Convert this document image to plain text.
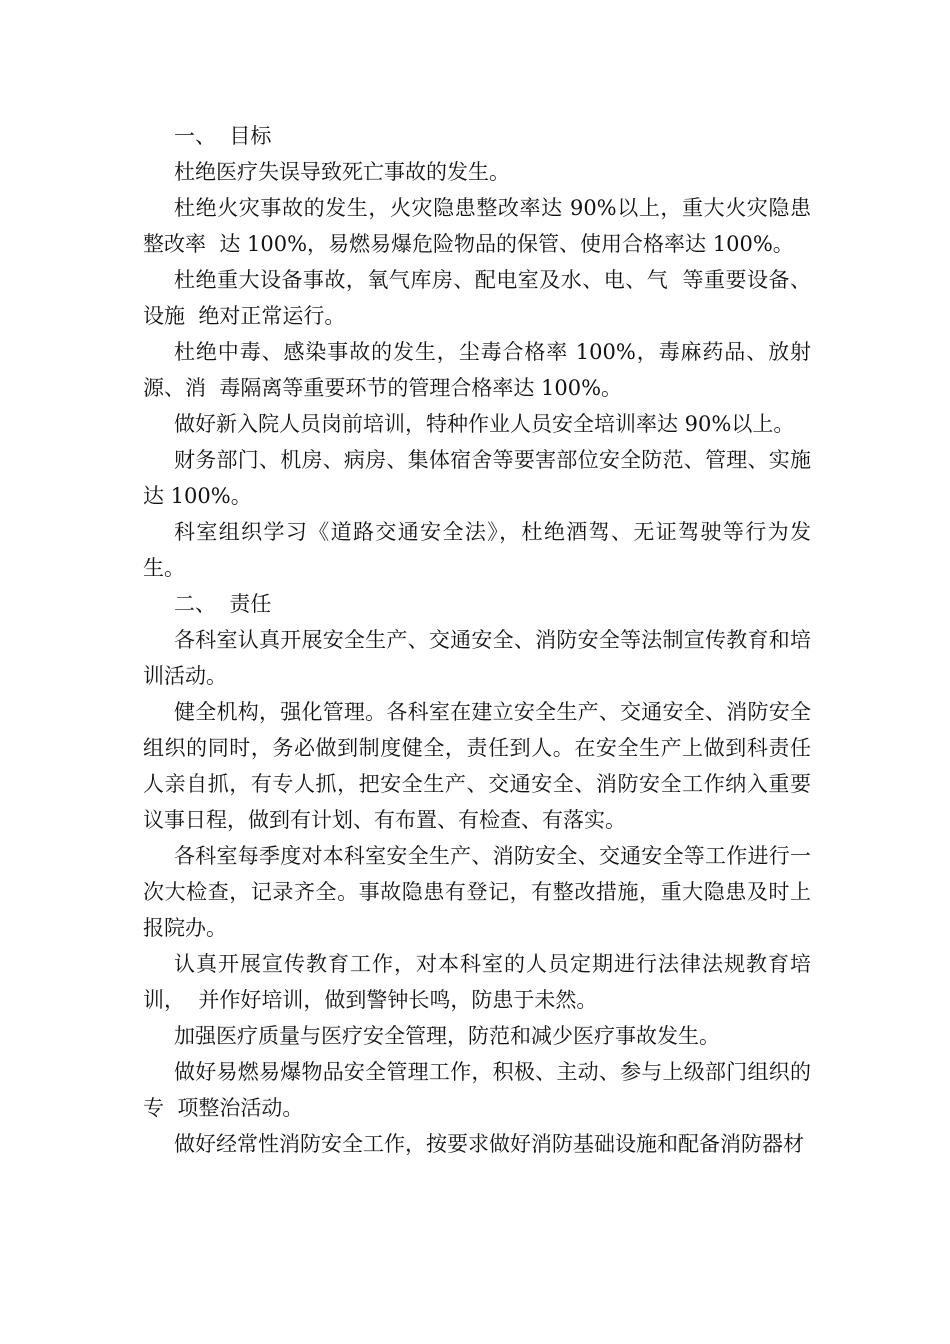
一、  目标

杜绝医疗失误导致死亡事故的发生。

杜绝火灾事故的发生，火灾隐患整改率达 90%以上，重大火灾隐患整改率  达 100%，易燃易爆危险物品的保管、使用合格率达 100%。

杜绝重大设备事故，氧气库房、配电室及水、电、气  等重要设备、设施  绝对正常运行。

杜绝中毒、感染事故的发生，尘毒合格率 100%，毒麻药品、放射源、消  毒隔离等重要环节的管理合格率达 100%。

做好新入院人员岗前培训，特种作业人员安全培训率达 90%以上。

财务部门、机房、病房、集体宿舍等要害部位安全防范、管理、实施达 100%。

科室组织学习《道路交通安全法》，杜绝酒驾、无证驾驶等行为发生。

二、  责任

各科室认真开展安全生产、交通安全、消防安全等法制宣传教育和培训活动。

健全机构，强化管理。各科室在建立安全生产、交通安全、消防安全组织的同时，务必做到制度健全，责任到人。在安全生产上做到科责任人亲自抓，有专人抓，把安全生产、交通安全、消防安全工作纳入重要议事日程，做到有计划、有布置、有检查、有落实。

各科室每季度对本科室安全生产、消防安全、交通安全等工作进行一次大检查，记录齐全。事故隐患有登记，有整改措施，重大隐患及时上报院办。

认真开展宣传教育工作，对本科室的人员定期进行法律法规教育培训，  并作好培训，做到警钟长鸣，防患于未然。

加强医疗质量与医疗安全管理，防范和减少医疗事故发生。

做好易燃易爆物品安全管理工作，积极、主动、参与上级部门组织的专  项整治活动。

做好经常性消防安全工作，按要求做好消防基础设施和配备消防器材
